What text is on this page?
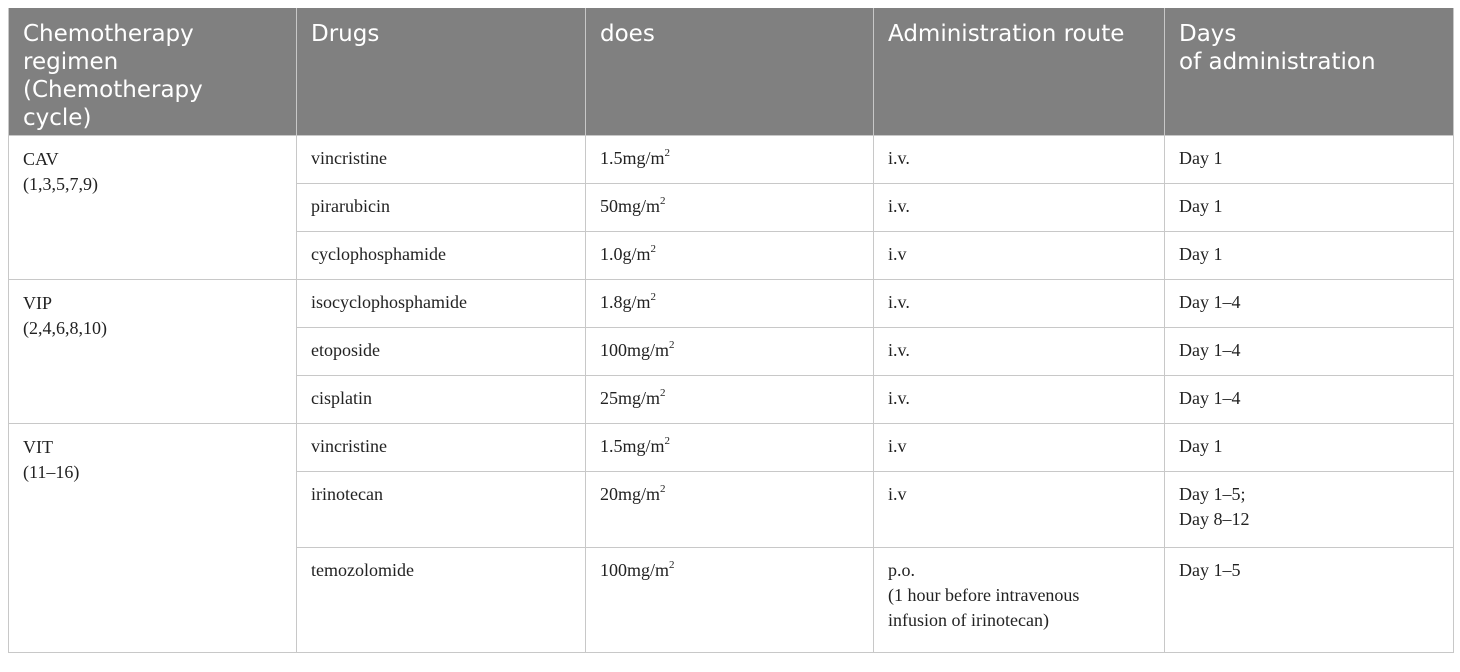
Chemotherapy
regimen
(Chemotherapy
cycle)	Drugs	does	Administration route	Days
of administration

CAV
(1,3,5,7,9)	vincristine	$1.5mg/m^2$	i.v.	Day 1

	pirarubicin	$50mg/m^2$	i.v.	Day 1

	cyclophosphamide	$1.0g/m^2$	i.v	Day 1

VIP
(2,4,6,8,10)	isocyclophosphamide	$1.8g/m^2$	i.v.	Day 1–4

	etoposide	$100mg/m^2$	i.v.	Day 1–4

	cisplatin	$25mg/m^2$	i.v.	Day 1–4

VIT
(11–16)	vincristine	$1.5mg/m^2$	i.v	Day 1

	irinotecan	$20mg/m^2$	i.v	Day 1–5;
Day 8–12

	temozolomide	$100mg/m^2$	p.o.
(1 hour before intravenous
infusion of irinotecan)	Day 1–5
